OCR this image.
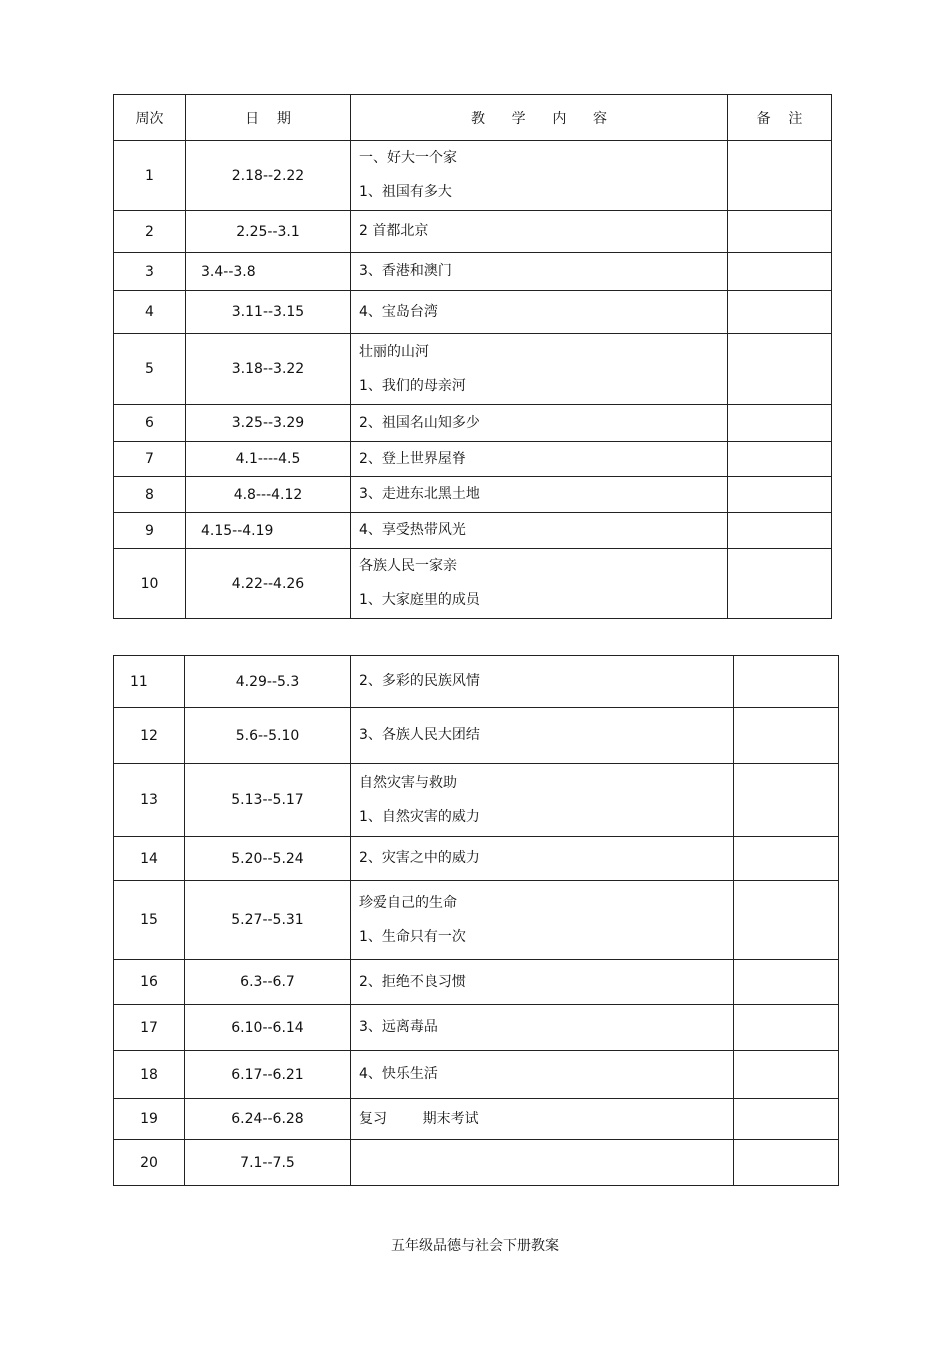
周次	日    期	教      学      内      容	备    注
1	2.18--2.22	一、好大一个家
1、祖国有多大	

2	2.25--3.1	2 首都北京	

3	3.4--3.8	3、香港和澳门	

4	3.11--3.15	4、宝岛台湾	

5	3.18--3.22	壮丽的山河
1、我们的母亲河	

6	3.25--3.29	2、祖国名山知多少	

7	4.1----4.5	2、登上世界屋脊	

8	4.8---4.12	3、走进东北黑土地	

9	4.15--4.19	4、享受热带风光	

10	4.22--4.26	各族人民一家亲
1、大家庭里的成员	

11	4.29--5.3	2、多彩的民族风情	

12	5.6--5.10	3、各族人民大团结	

13	5.13--5.17	自然灾害与救助
1、自然灾害的威力	

14	5.20--5.24	2、灾害之中的威力	

15	5.27--5.31	珍爱自己的生命
1、生命只有一次	

16	6.3--6.7	2、拒绝不良习惯	

17	6.10--6.14	3、远离毒品	

18	6.17--6.21	4、快乐生活	

19	6.24--6.28	复习        期末考试	

20	7.1--7.5		
五年级品德与社会下册教案
